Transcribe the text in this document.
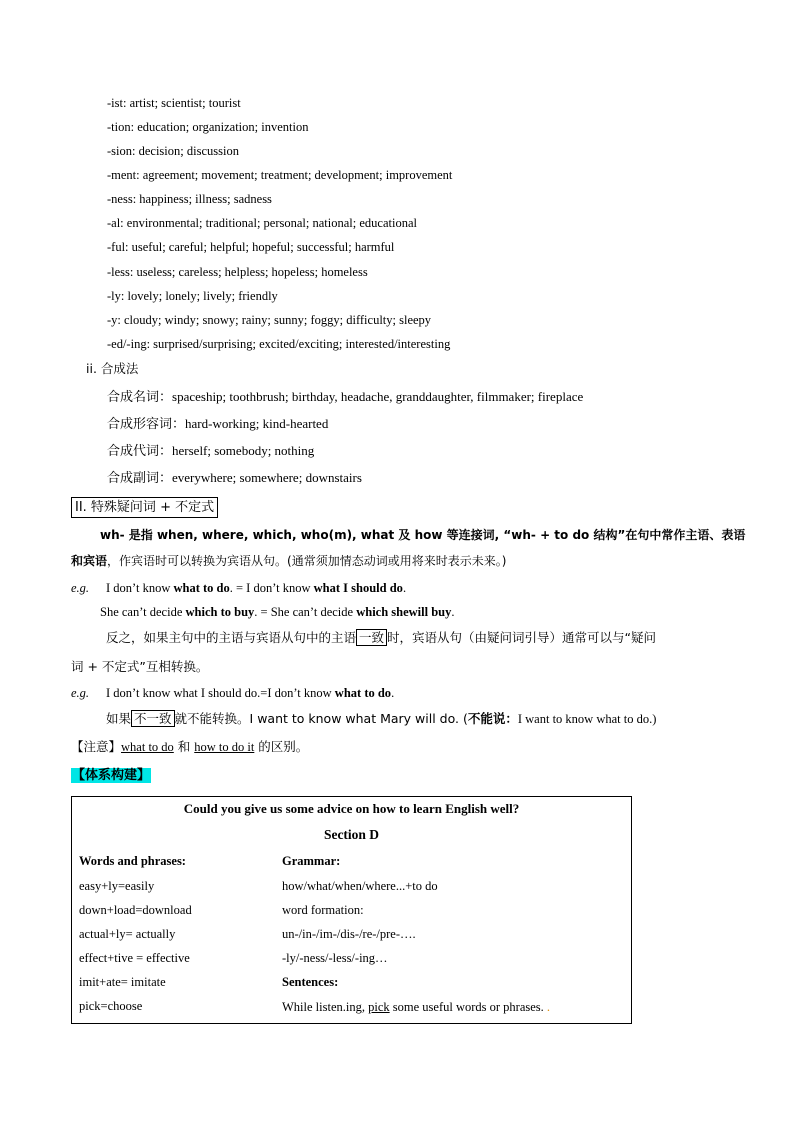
-ist: artist; scientist; tourist
-tion: education; organization; invention
-sion: decision; discussion
-ment: agreement; movement; treatment; development; improvement
-ness: happiness; illness; sadness
-al: environmental; traditional; personal; national; educational
-ful: useful; careful; helpful; hopeful; successful; harmful
-less: useless; careless; helpless; hopeless; homeless
-ly: lovely; lonely; lively; friendly
-y: cloudy; windy; snowy; rainy; sunny; foggy; difficulty; sleepy
-ed/-ing: surprised/surprising; excited/exciting; interested/interesting
ii. 合成法
合成名词：spaceship; toothbrush; birthday, headache, granddaughter, filmmaker; fireplace
合成形容词：hard-working; kind-hearted
合成代词：herself; somebody; nothing
合成副词：everywhere; somewhere; downstairs
II. 特殊疑问词 + 不定式
wh- 是指 when, where, which, who(m), what 及 how 等连接词, “wh- + to do 结构”在句中常作主语、表语
和宾语，作宾语时可以转换为宾语从句。(通常须加情态动词或用将来时表示未来。)
e.g. I don’t know what to do. = I don’t know what I should do.
She can’t decide which to buy. = She can’t decide which shewill buy.
反之，如果主句中的主语与宾语从句中的主语 一致 时，宾语从句（由疑问词引导）通常可以与“疑问
词 + 不定式”互相转换。
e.g. I don’t know what I should do.=I don’t know what to do.
如果 不一致 就不能转换。I want to know what Mary will do. (不能说：I want to know what to do.)
【注意】what to do 和 how to do it 的区别。
【体系构建】
Could you give us some advice on how to learn English well?
Section D
Words and phrases:	Grammar:
easy+ly=easily
down+load=download
actual+ly= actually
effect+tive = effective
imit+ate= imitate
pick=choose
how/what/when/where...+to do
word formation:
un-/in-/im-/dis-/re-/pre-….
-ly/-ness/-less/-ing…
Sentences:
While listen.ing, pick some useful words or phrases. .
